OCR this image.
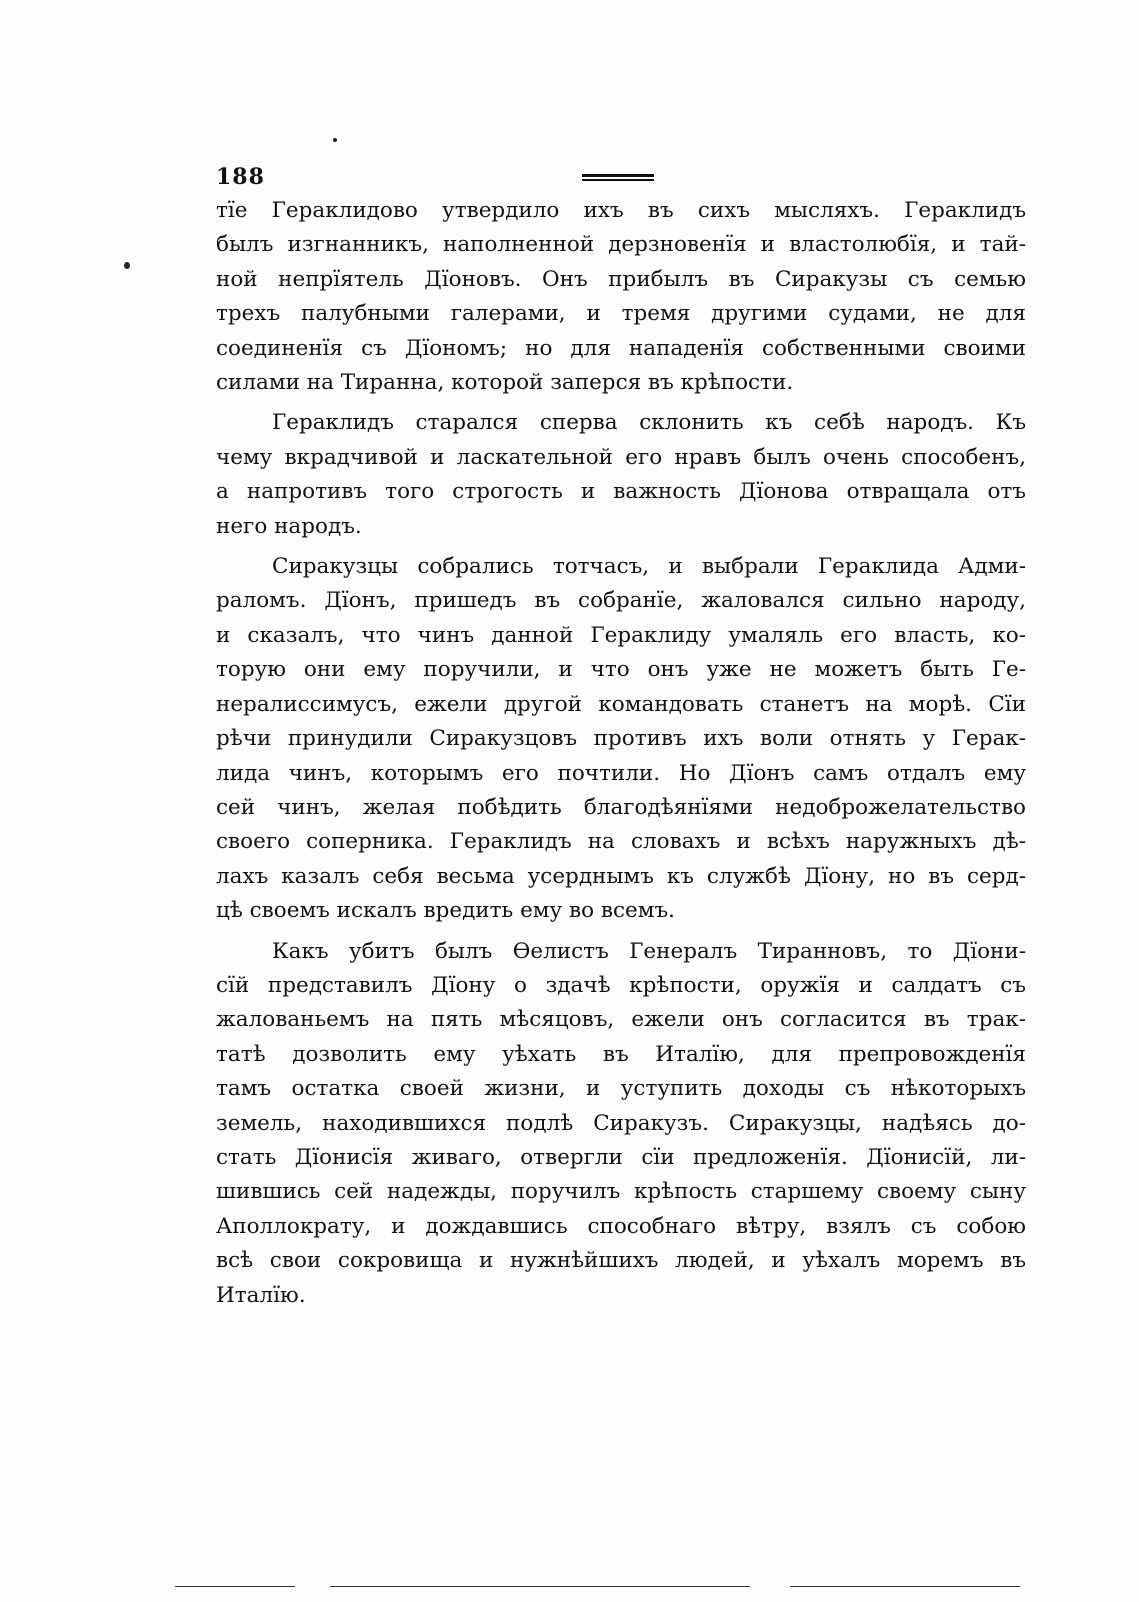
188
тїе Гераклидово утвердило ихъ въ сихъ мысляхъ. Гераклидъ
былъ изгнанникъ, наполненной дерзновенїя и властолюбїя, и тай-
ной непрїятель Дїоновъ. Онъ прибылъ въ Сиракузы съ семью
трехъ палубными галерами, и тремя другими судами, не для
соединенїя съ Дїономъ; но для нападенїя собственными своими
силами на Тиранна, которой заперся въ крѣпости.
Гераклидъ старался сперва склонить къ себѣ народъ. Къ
чему вкрадчивой и ласкательной его нравъ былъ очень способенъ,
а напротивъ того строгость и важность Дїонова отвращала отъ
него народъ.
Сиракузцы собрались тотчасъ, и выбрали Гераклида Адми-
раломъ. Дїонъ, пришедъ въ собранїе, жаловался сильно народу,
и сказалъ, что чинъ данной Гераклиду умаляль его власть, ко-
торую они ему поручили, и что онъ уже не можетъ быть Ге-
нералиссимусъ, ежели другой командовать станетъ на морѣ. Сїи
рѣчи принудили Сиракузцовъ противъ ихъ воли отнять у Герак-
лида чинъ, которымъ его почтили. Но Дїонъ самъ отдалъ ему
сей чинъ, желая побѣдить благодѣянїями недоброжелательство
своего соперника. Гераклидъ на словахъ и всѣхъ наружныхъ дѣ-
лахъ казалъ себя весьма усерднымъ къ службѣ Дїону, но въ серд-
цѣ своемъ искалъ вредить ему во всемъ.
Какъ убитъ былъ Ѳелистъ Генералъ Тиранновъ, то Дїони-
сїй представилъ Дїону о здачѣ крѣпости, оружїя и салдатъ съ
жалованьемъ на пять мѣсяцовъ, ежели онъ согласится въ трак-
татѣ дозволить ему уѣхать въ Италїю, для препровожденїя
тамъ остатка своей жизни, и уступить доходы съ нѣкоторыхъ
земель, находившихся подлѣ Сиракузъ. Сиракузцы, надѣясь до-
стать Дїонисїя живаго, отвергли сїи предложенїя. Дїонисїй, ли-
шившись сей надежды, поручилъ крѣпость старшему своему сыну
Аполлократу, и дождавшись способнаго вѣтру, взялъ съ собою
всѣ свои сокровища и нужнѣйшихъ людей, и уѣхалъ моремъ въ
Италїю.
